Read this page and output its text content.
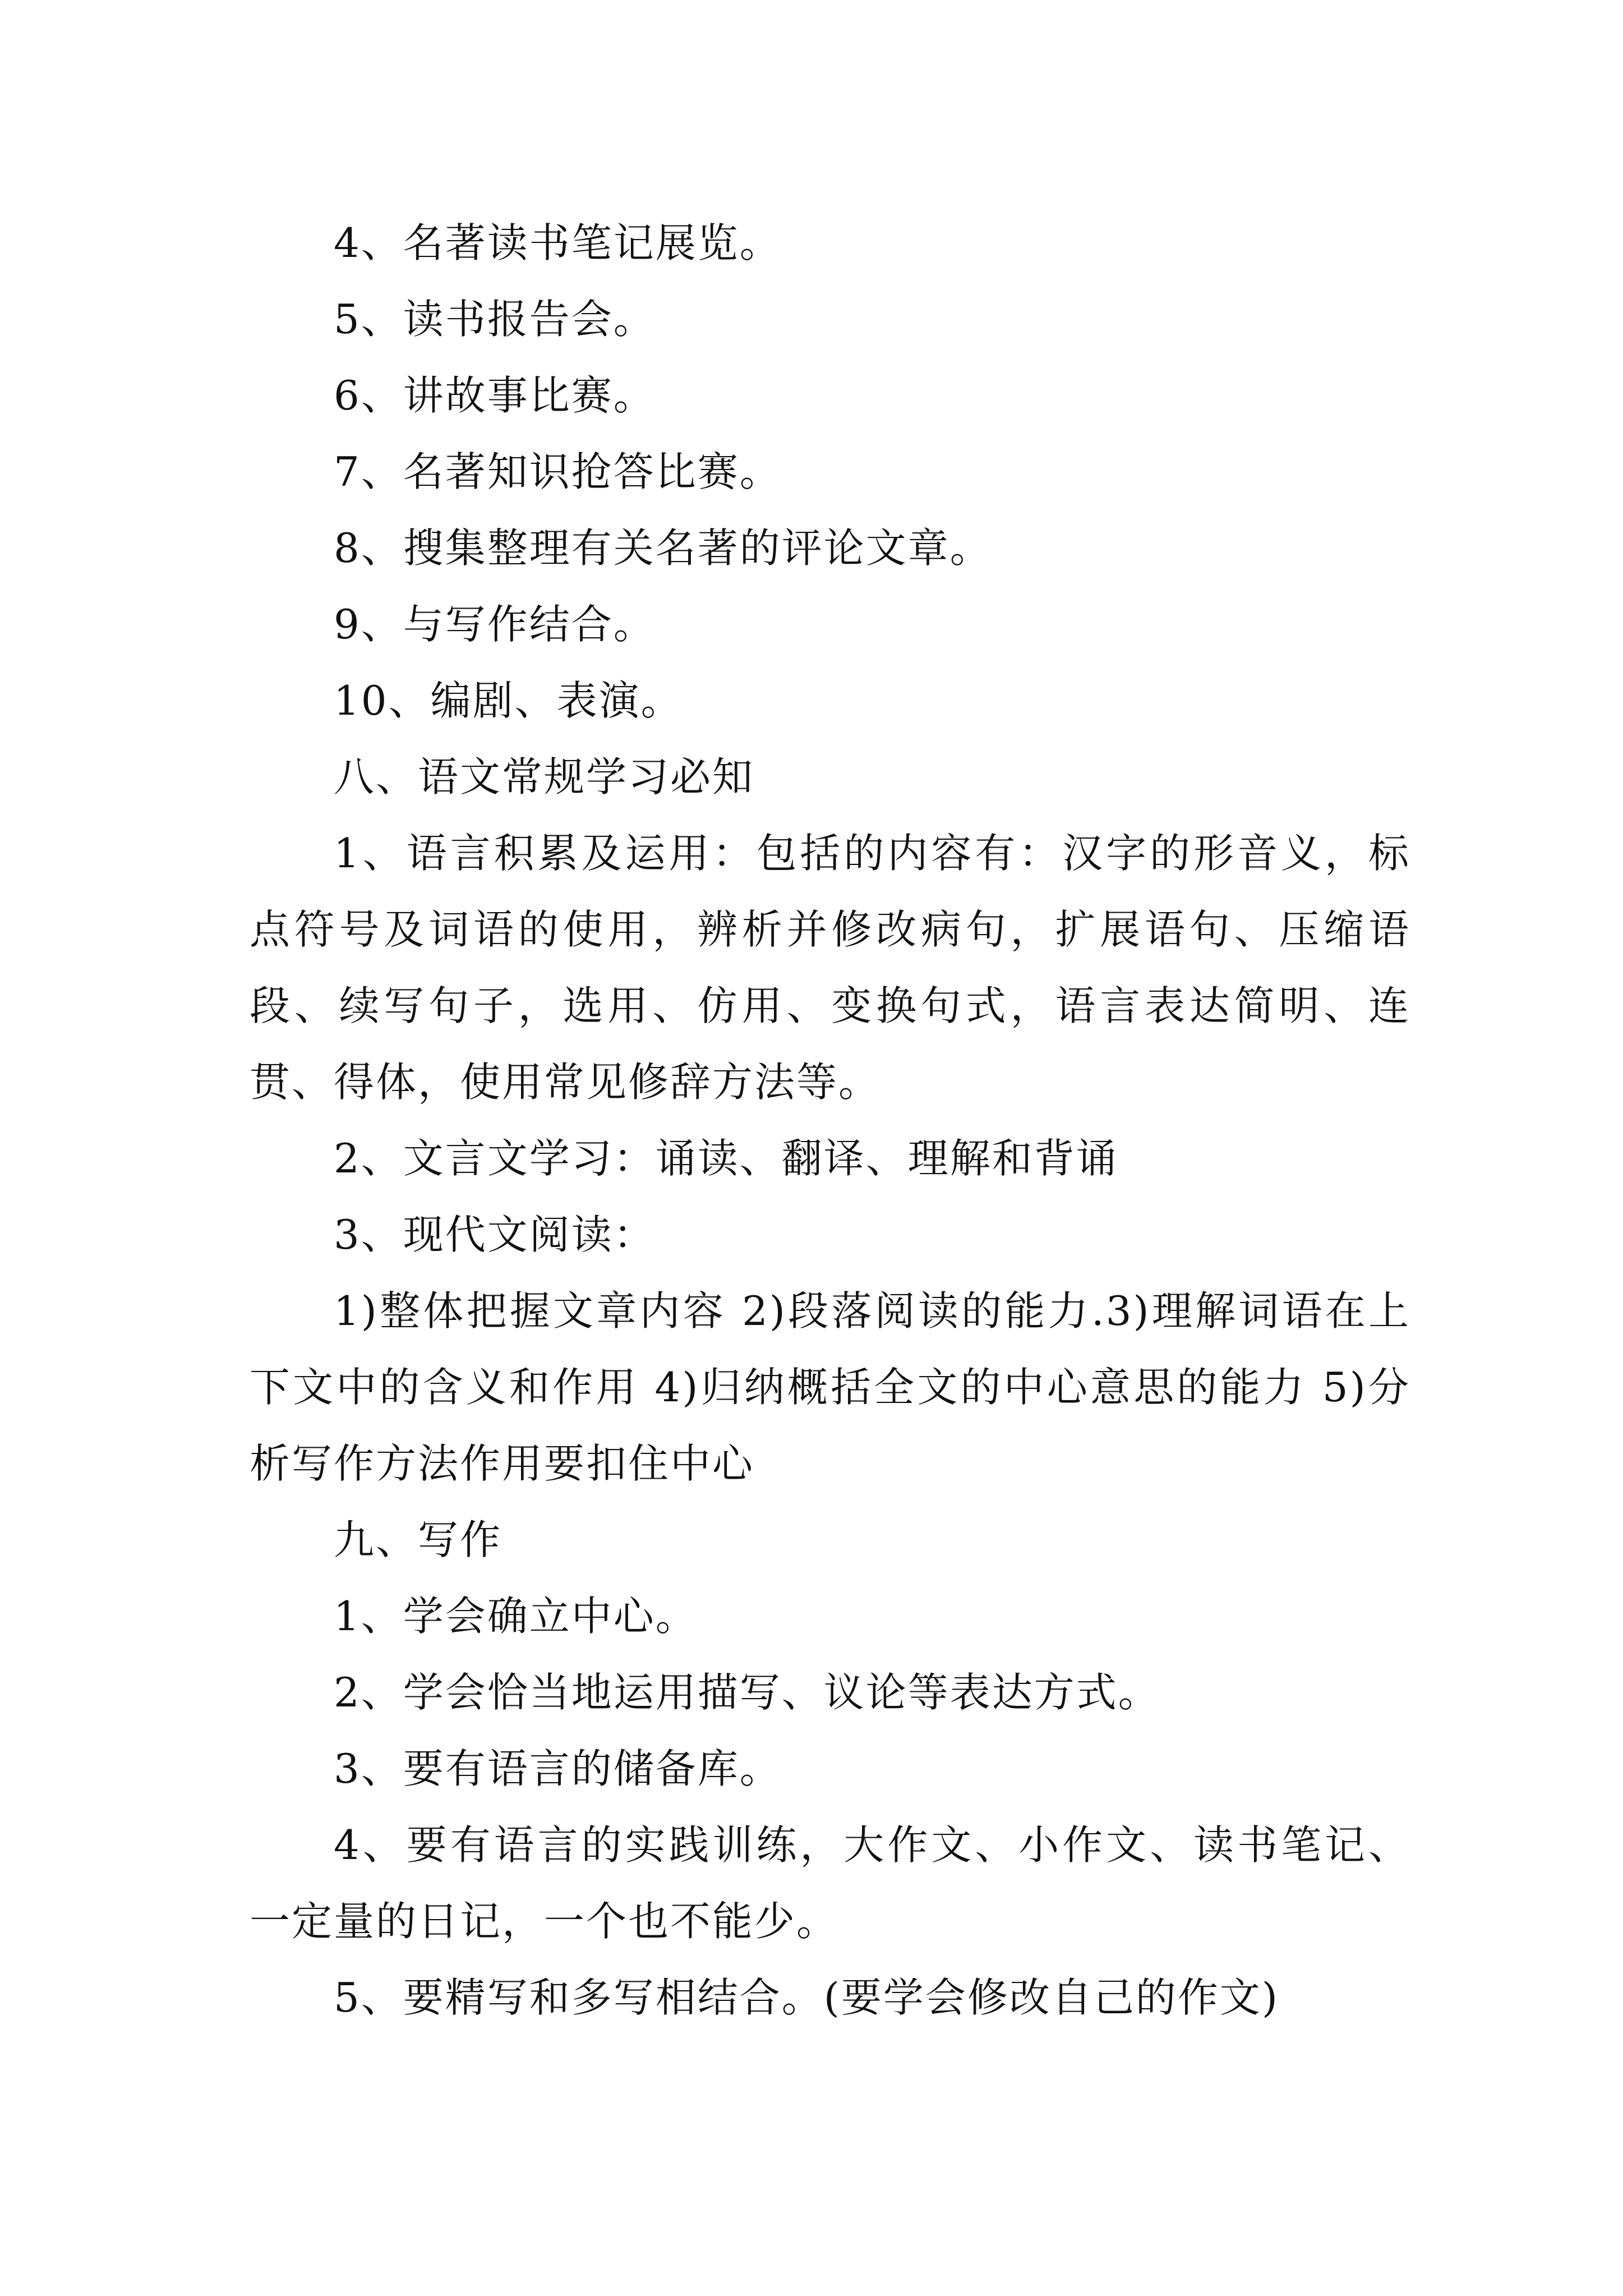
4、名著读书笔记展览。

5、读书报告会。

6、讲故事比赛。

7、名著知识抢答比赛。

8、搜集整理有关名著的评论文章。

9、与写作结合。

10、编剧、表演。

八、语文常规学习必知

1、语言积累及运用：包括的内容有：汉字的形音义，标点符号及词语的使用，辨析并修改病句，扩展语句、压缩语段、续写句子，选用、仿用、变换句式，语言表达简明、连贯、得体，使用常见修辞方法等。

2、文言文学习：诵读、翻译、理解和背诵

3、现代文阅读：

1)整体把握文章内容 2)段落阅读的能力.3)理解词语在上下文中的含义和作用 4)归纳概括全文的中心意思的能力 5)分析写作方法作用要扣住中心

九、写作

1、学会确立中心。

2、学会恰当地运用描写、议论等表达方式。

3、要有语言的储备库。

4、要有语言的实践训练，大作文、小作文、读书笔记、一定量的日记，一个也不能少。

5、要精写和多写相结合。(要学会修改自己的作文)
